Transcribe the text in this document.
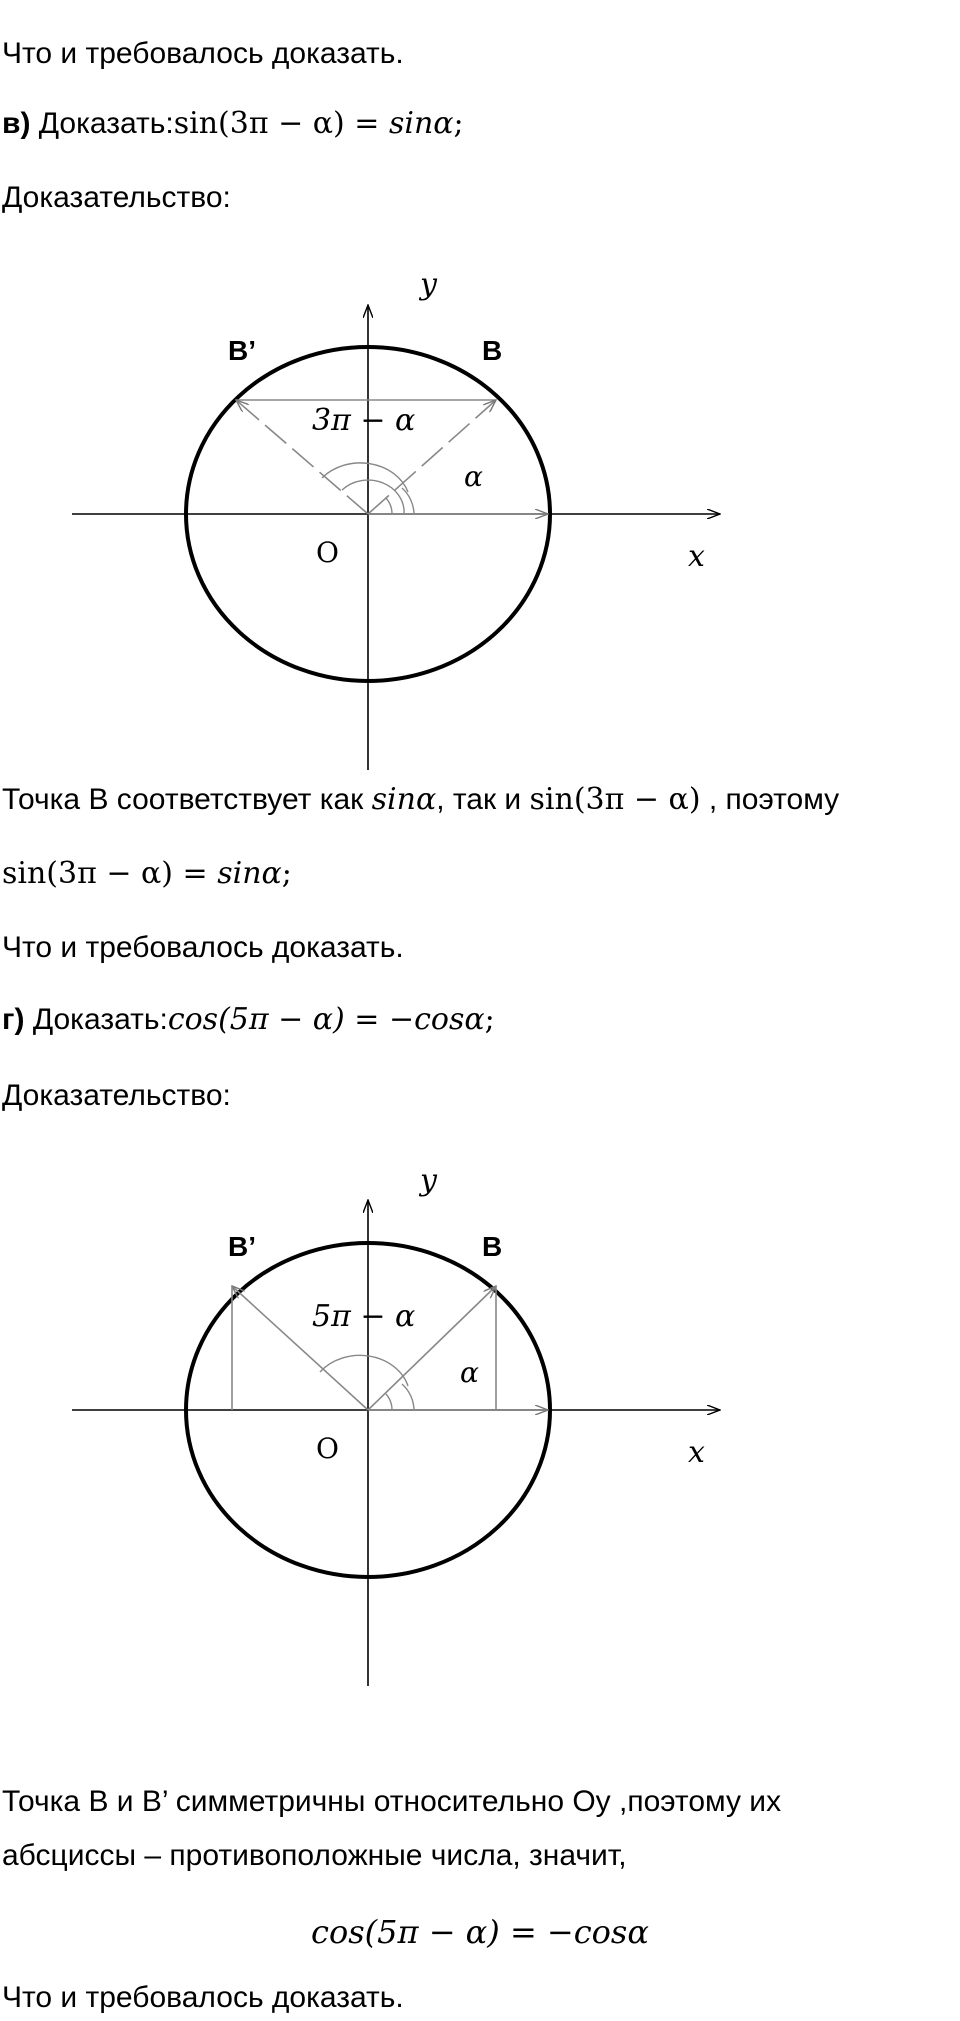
Что и требовалось доказать.
в) Доказать:sin(3π − α) = sinα;
Доказательство:
y
x
O
B
B’
3π − α
α
Точка B соответствует как sinα, так и sin(3π − α) , поэтому
sin(3π − α) = sinα;
Что и требовалось доказать.
г) Доказать:cos(5π − α) = −cosα;
Доказательство:
y
x
O
B
B’
5π − α
α
Точка B и B’ симметричны относительно Oy ,поэтому их
абсциссы – противоположные числа, значит,
cos(5π − α) = −cosα
Что и требовалось доказать.
